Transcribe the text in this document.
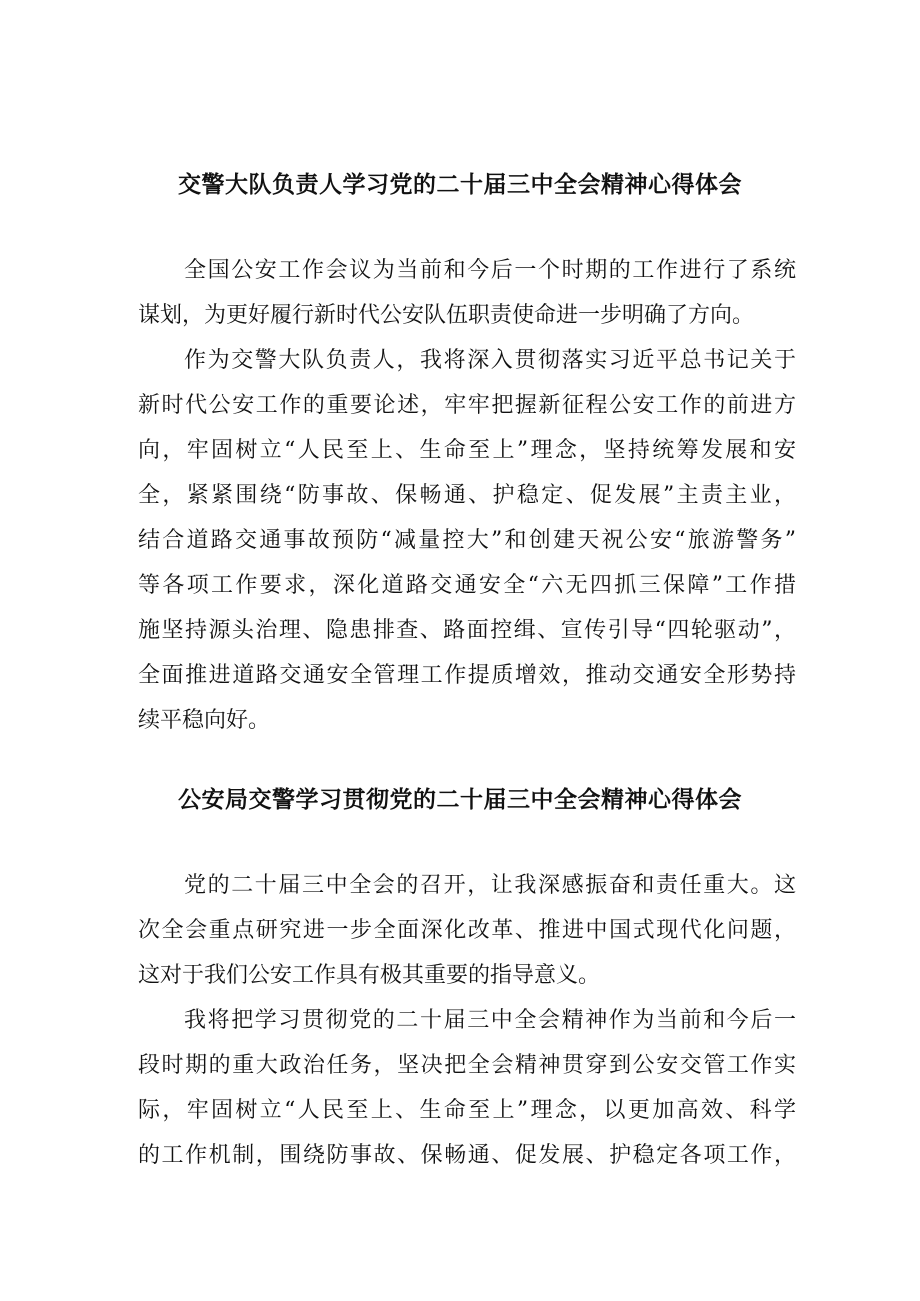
交警大队负责人学习党的二十届三中全会精神心得体会
全国公安工作会议为当前和今后一个时期的工作进行了系统
谋划，为更好履行新时代公安队伍职责使命进一步明确了方向。
作为交警大队负责人，我将深入贯彻落实习近平总书记关于
新时代公安工作的重要论述，牢牢把握新征程公安工作的前进方
向，牢固树立“人民至上、生命至上”理念，坚持统筹发展和安
全，紧紧围绕“防事故、保畅通、护稳定、促发展”主责主业，
结合道路交通事故预防“减量控大”和创建天祝公安“旅游警务”
等各项工作要求，深化道路交通安全“六无四抓三保障”工作措
施坚持源头治理、隐患排查、路面控缉、宣传引导“四轮驱动”，
全面推进道路交通安全管理工作提质增效，推动交通安全形势持
续平稳向好。
公安局交警学习贯彻党的二十届三中全会精神心得体会
党的二十届三中全会的召开，让我深感振奋和责任重大。这
次全会重点研究进一步全面深化改革、推进中国式现代化问题，
这对于我们公安工作具有极其重要的指导意义。
我将把学习贯彻党的二十届三中全会精神作为当前和今后一
段时期的重大政治任务，坚决把全会精神贯穿到公安交管工作实
际，牢固树立“人民至上、生命至上”理念，以更加高效、科学
的工作机制，围绕防事故、保畅通、促发展、护稳定各项工作，
